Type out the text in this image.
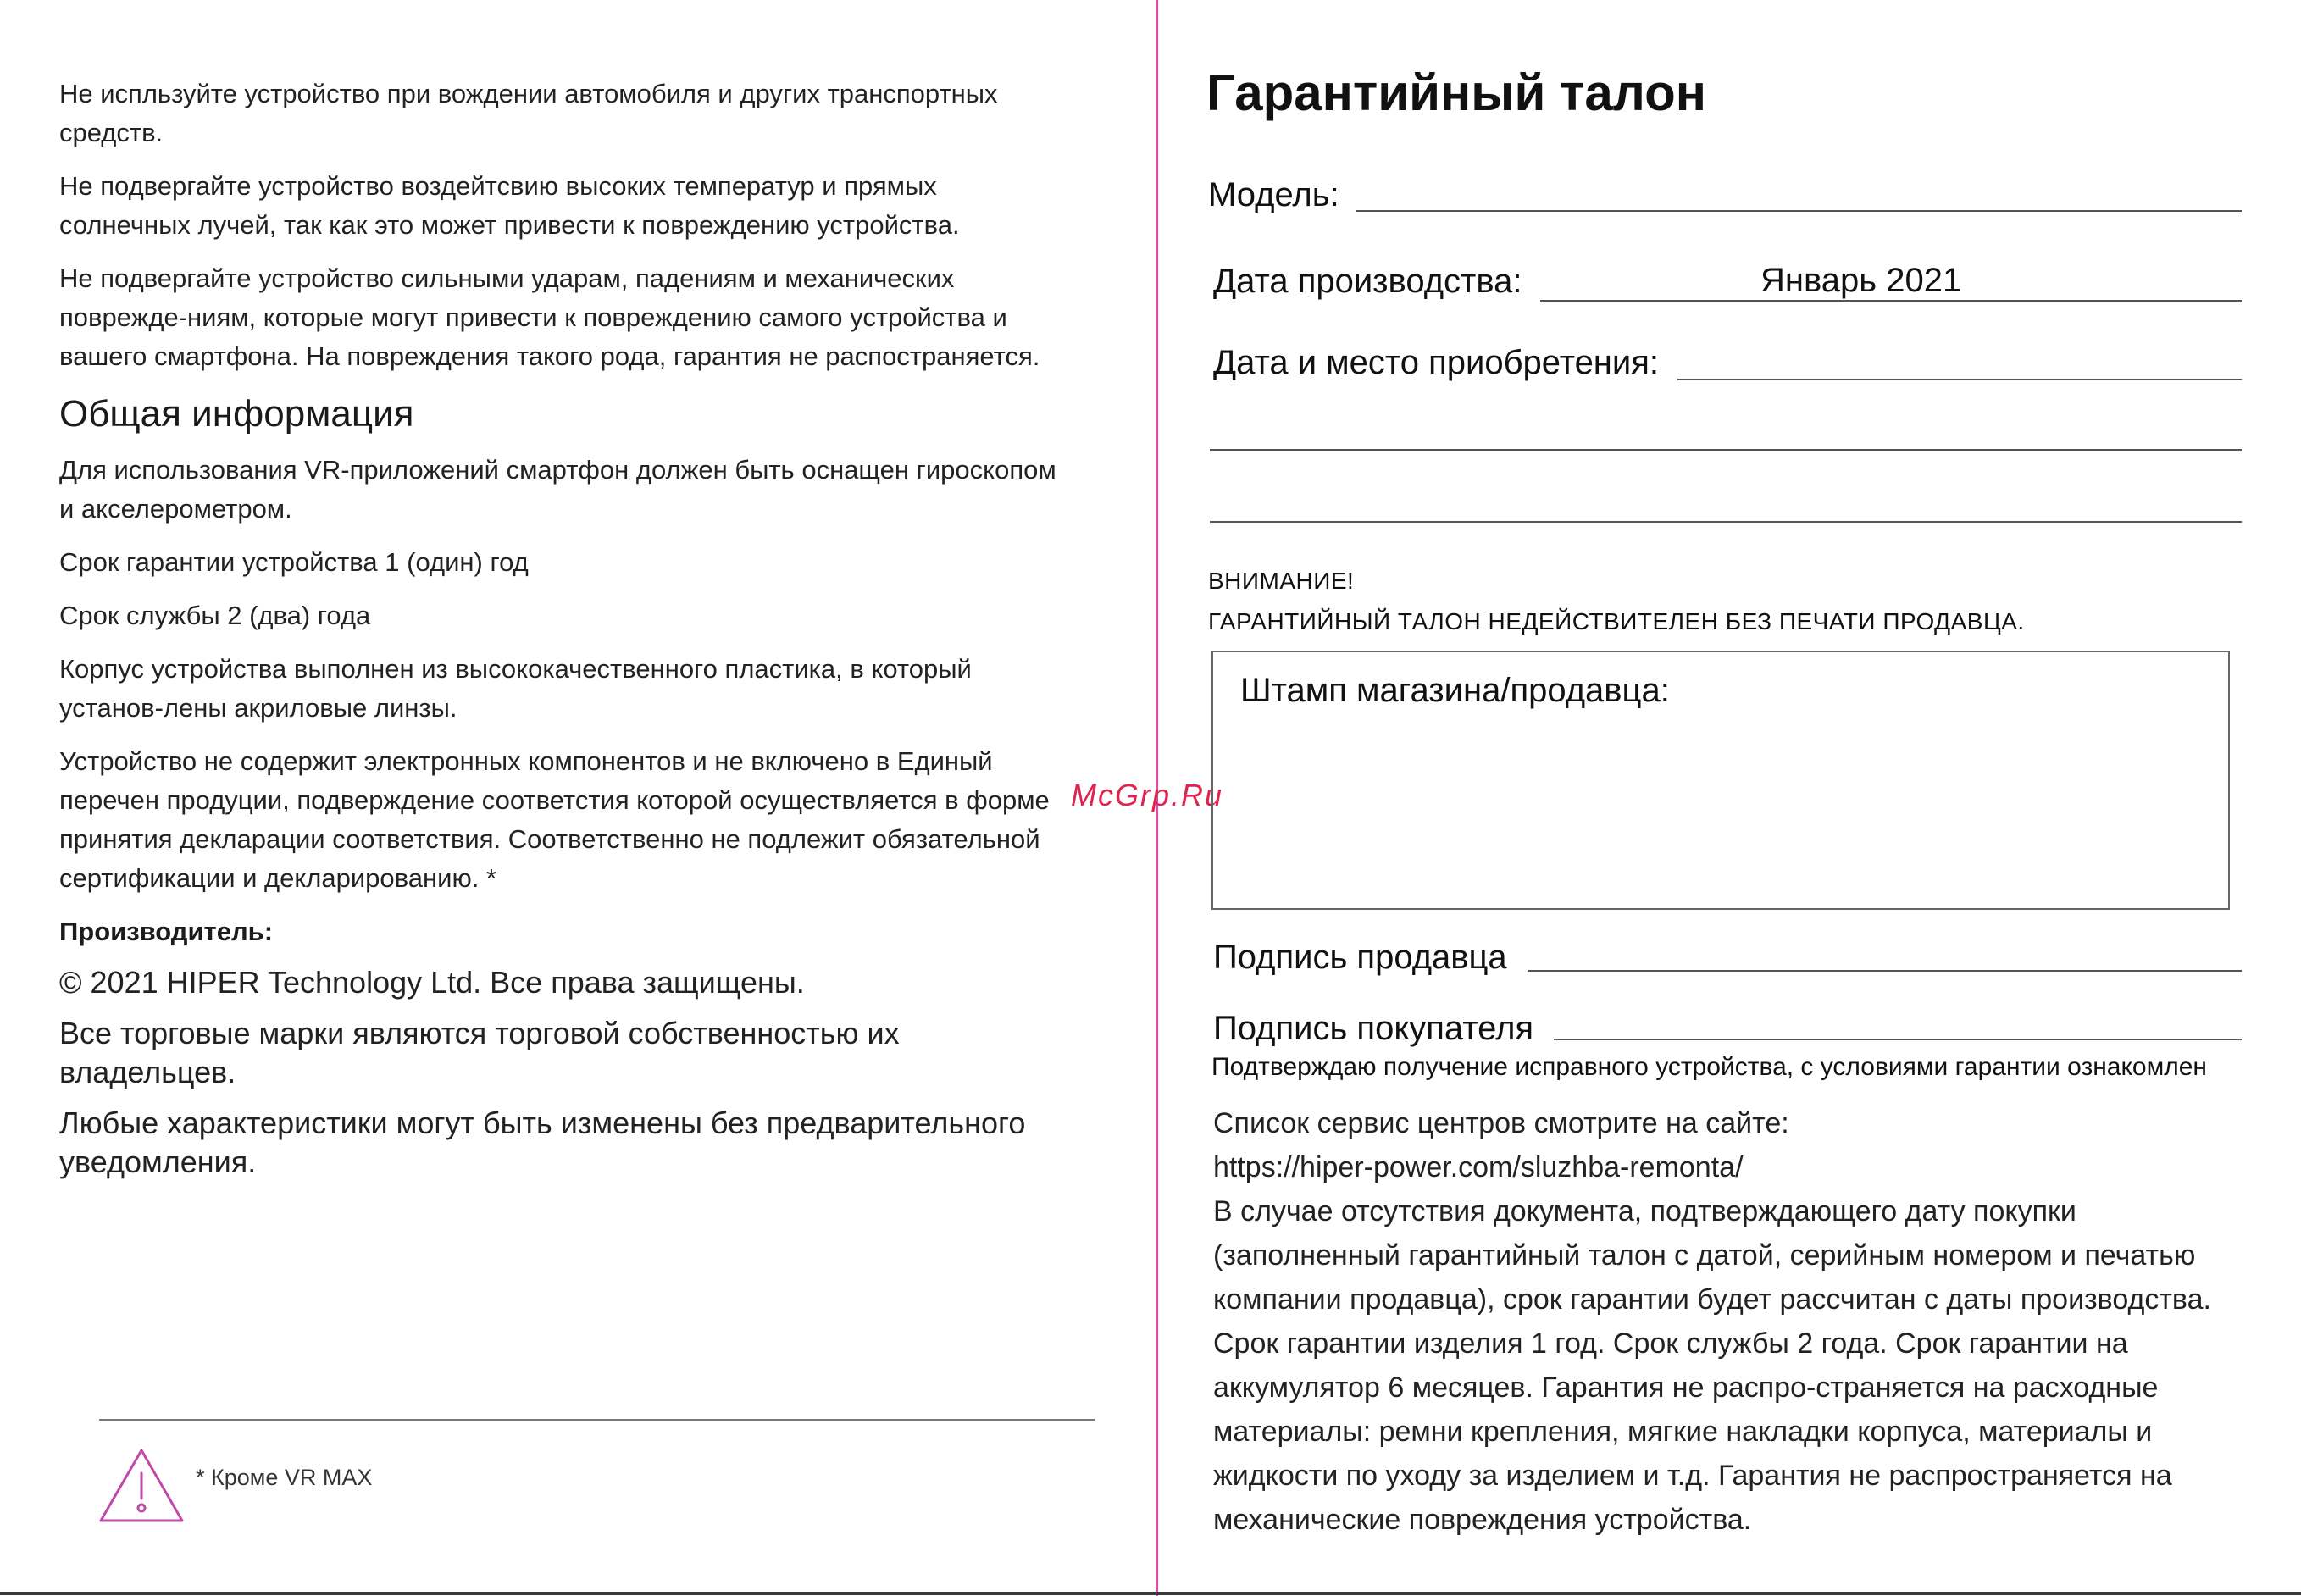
Не испльзуйте устройство при вождении автомобиля и других транспортных средств.

Не подвергайте устройство воздейтсвию высоких температур и прямых солнечных лучей, так как это может привести к повреждению устройства.

Не подвергайте устройство сильными ударам, падениям и механических поврежде-ниям, которые могут привести к повреждению самого устройства и вашего смартфона. На повреждения такого рода, гарантия не распостраняется.

Общая информация

Для использования VR-приложений смартфон должен быть оснащен гироскопом и акселерометром.

Срок гарантии устройства 1 (один) год

Срок службы 2 (два) года

Корпус устройства выполнен из высококачественного пластика, в который установ-лены акриловые линзы.

Устройство не содержит электронных компонентов и не включено в Единый перечен продуции, подверждение соответстия которой осуществляется в форме принятия декларации соответствия. Соответственно не подлежит обязательной сертификации и декларированию. *

Производитель:

© 2021 HIPER Technology Ltd. Все права защищены.

Все торговые марки являются торговой собственностью их владельцев.

Любые характеристики могут быть изменены без предварительного уведомления.

* Кроме VR MAX
McGrp.Ru
Гарантийный талон
Модель:
Дата производства:	Январь 2021
Дата и место приобретения:
ВНИМАНИЕ!
ГАРАНТИЙНЫЙ ТАЛОН НЕДЕЙСТВИТЕЛЕН БЕЗ ПЕЧАТИ ПРОДАВЦА.
Штамп магазина/продавца:
Подпись продавца
Подпись покупателя
Подтверждаю получение исправного устройства, с условиями гарантии ознакомлен

Список сервис центров смотрите на сайте:

https://hiper-power.com/sluzhba-remonta/

В случае отсутствия документа, подтверждающего дату покупки (заполненный гарантийный талон с датой, серийным номером и печатью компании продавца), срок гарантии будет рассчитан с даты производства. Срок гарантии изделия 1 год. Срок службы 2 года. Срок гарантии на аккумулятор 6 месяцев. Гарантия не распро-страняется на расходные материалы: ремни крепления, мягкие накладки корпуса, материалы и жидкости по уходу за изделием и т.д. Гарантия не распространяется на механические повреждения устройства.
